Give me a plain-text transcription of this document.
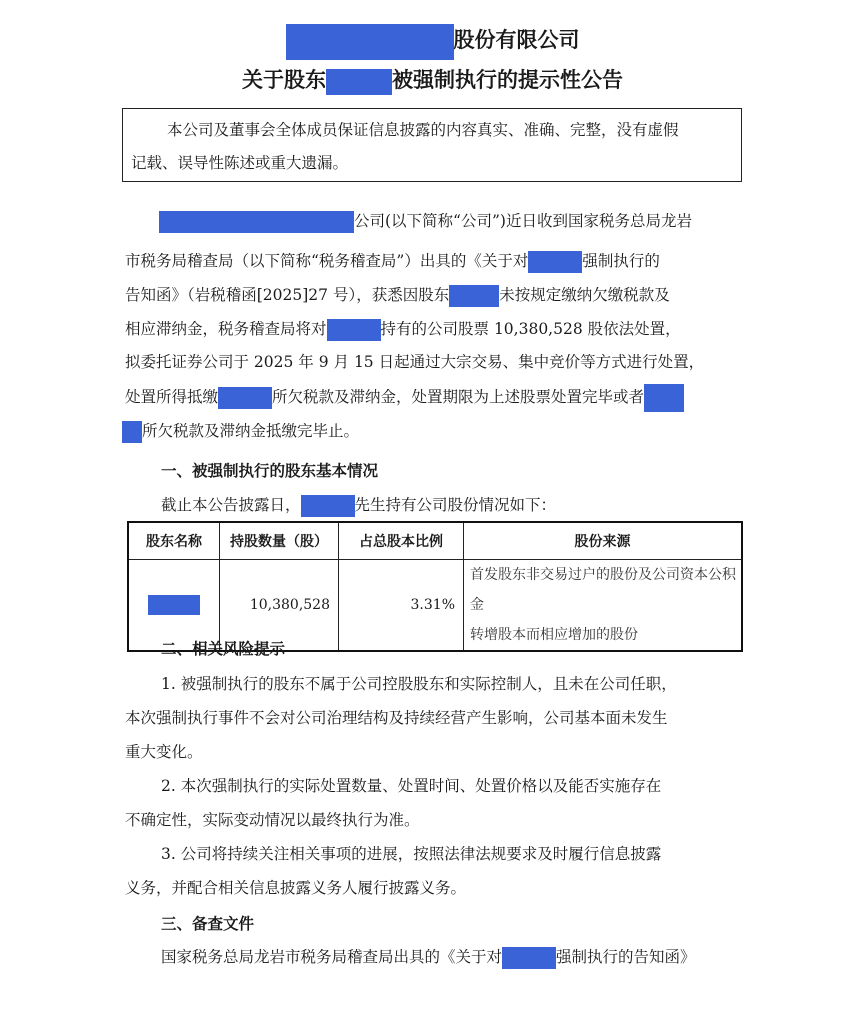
股份有限公司
关于股东	被强制执行的提示性公告
本公司及董事会全体成员保证信息披露的内容真实、准确、完整，没有虚假
记载、误导性陈述或重大遗漏。
公司(以下简称“公司”)近日收到国家税务总局龙岩
市税务局稽查局（以下简称“税务稽查局”）出具的《关于对	强制执行的
告知函》（岩税稽函[2025]27 号），获悉因股东	未按规定缴纳欠缴税款及
相应滞纳金，税务稽查局将对	持有的公司股票 10,380,528 股依法处置，
拟委托证券公司于 2025 年 9 月 15 日起通过大宗交易、集中竞价等方式进行处置，
处置所得抵缴	所欠税款及滞纳金，处置期限为上述股票处置完毕或者
所欠税款及滞纳金抵缴完毕止。
一、被强制执行的股东基本情况
截止本公告披露日，	先生持有公司股份情况如下：
股东名称	持股数量（股）	占总股本比例	股份来源
	10,380,528	3.31%	首发股东非交易过户的股份及公司资本公积金
转增股本而相应增加的股份
二、相关风险提示
1. 被强制执行的股东不属于公司控股股东和实际控制人，且未在公司任职，
本次强制执行事件不会对公司治理结构及持续经营产生影响，公司基本面未发生
重大变化。
2. 本次强制执行的实际处置数量、处置时间、处置价格以及能否实施存在
不确定性，实际变动情况以最终执行为准。
3. 公司将持续关注相关事项的进展，按照法律法规要求及时履行信息披露
义务，并配合相关信息披露义务人履行披露义务。
三、备查文件
国家税务总局龙岩市税务局稽查局出具的《关于对	强制执行的告知函》
